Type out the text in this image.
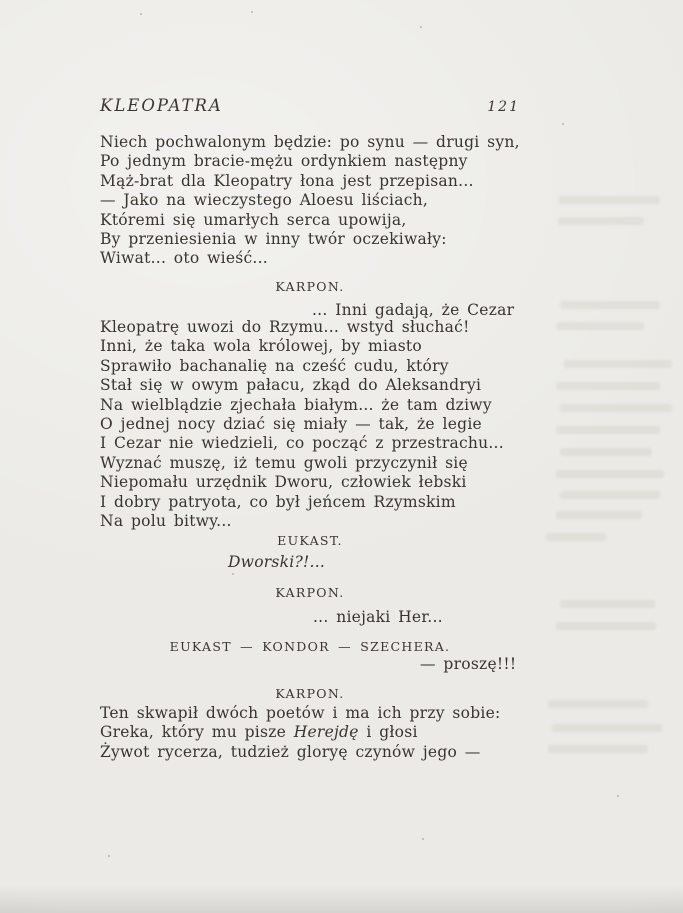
KLEOPATRA	121
Niech pochwalonym będzie: po synu — drugi syn,
Po jednym bracie-mężu ordynkiem następny
Mąż-brat dla Kleopatry łona jest przepisan...
— Jako na wieczystego Aloesu liściach,
Któremi się umarłych serca upowija,
By przeniesienia w inny twór oczekiwały:
Wiwat... oto wieść...
KARPON.
... Inni gadają, że Cezar
Kleopatrę uwozi do Rzymu... wstyd słuchać!
Inni, że taka wola królowej, by miasto
Sprawiło bachanalię na cześć cudu, który
Stał się w owym pałacu, zkąd do Aleksandryi
Na wielblądzie zjechała białym... że tam dziwy
O jednej nocy dziać się miały — tak, że legie
I Cezar nie wiedzieli, co począć z przestrachu...
Wyznać muszę, iż temu gwoli przyczynił się
Niepomału urzędnik Dworu, człowiek łebski
I dobry patryota, co był jeńcem Rzymskim
Na polu bitwy...
EUKAST.
Dworski?!...
KARPON.
... niejaki Her...
EUKAST — KONDOR — SZECHERA.
— proszę!!!
KARPON.
Ten skwapił dwóch poetów i ma ich przy sobie:
Greka, który mu pisze Herejdę i głosi
Żywot rycerza, tudzież gloryę czynów jego —
